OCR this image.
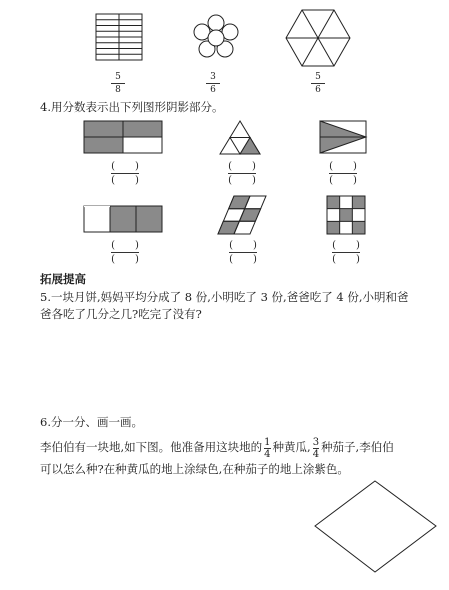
5
8
3
6
5
6
4.用分数表示出下列图形阴影部分。
(　　)
(　　)
(　　)
(　　)
(　　)
(　　)
(　　)
(　　)
(　　)
(　　)
(　　)
(　　)
拓展提高
5.一块月饼,妈妈平均分成了 8 份,小明吃了 3 份,爸爸吃了 4 份,小明和爸
爸各吃了几分之几?吃完了没有?
6.分一分、画一画。
李伯伯有一块地,如下图。他准备用这块地的 $\frac{1}{4}$ 种黄瓜, $\frac{3}{4}$ 种茄子,李伯伯
可以怎么种?在种黄瓜的地上涂绿色,在种茄子的地上涂紫色。
